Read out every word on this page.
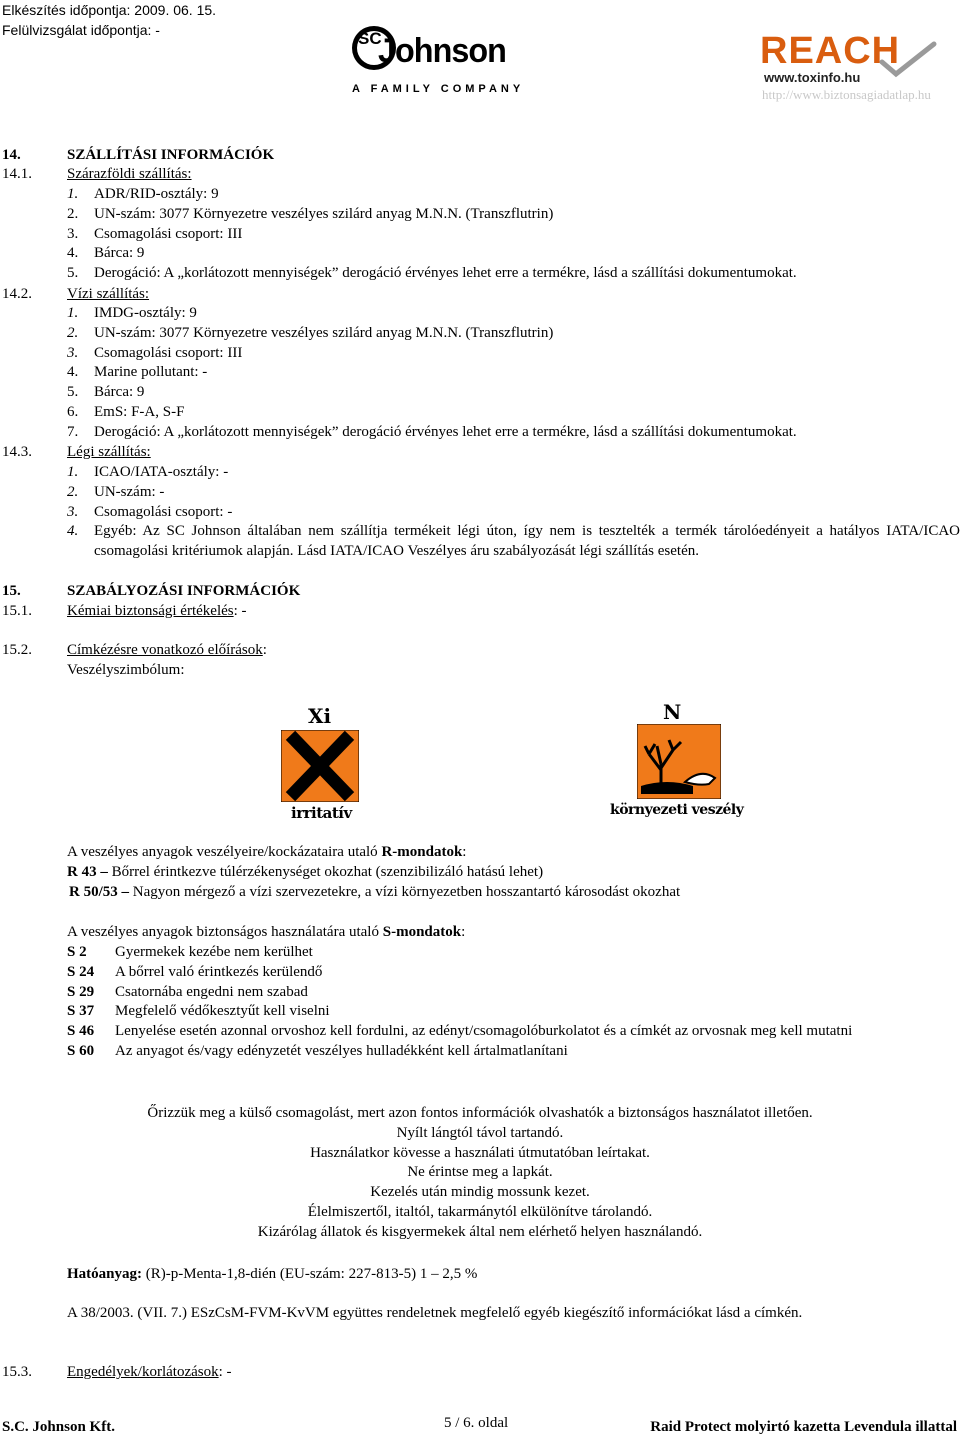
Elkészítés időpontja: 2009. 06. 15.
Felülvizsgálat időpontja: -	SC
Johnson
A FAMILY COMPANY
REACH
www.toxinfo.hu
http://www.biztonsagiadatlap.hu
14.	SZÁLLÍTÁSI INFORMÁCIÓK
14.1. Szárazföldi szállítás:
1.	ADR/RID-osztály: 9
2.	UN-szám: 3077 Környezetre veszélyes szilárd anyag M.N.N. (Transzflutrin)
3.	Csomagolási csoport: III
4.	Bárca: 9
5.	Derogáció: A „korlátozott mennyiségek” derogáció érvényes lehet erre a termékre, lásd a szállítási dokumentumokat.
14.2. Vízi szállítás:
1.	IMDG-osztály: 9
2.	UN-szám: 3077 Környezetre veszélyes szilárd anyag M.N.N. (Transzflutrin)
3.	Csomagolási csoport: III
4.	Marine pollutant: -
5.	Bárca: 9
6.	EmS: F-A, S-F
7.	Derogáció: A „korlátozott mennyiségek” derogáció érvényes lehet erre a termékre, lásd a szállítási dokumentumokat.
14.3. Légi szállítás:
1.	ICAO/IATA-osztály: -
2.	UN-szám: -
3.	Csomagolási csoport: -
4.	Egyéb: Az SC Johnson általában nem szállítja termékeit légi úton, így nem is tesztelték a termék tárolóedényeit a hatályos IATA/ICAO csomagolási kritériumok alapján. Lásd IATA/ICAO Veszélyes áru szabályozását légi szállítás esetén.
15.	SZABÁLYOZÁSI INFORMÁCIÓK
15.1. Kémiai biztonsági értékelés: -
15.2. Címkézésre vonatkozó előírások:
Veszélyszimbólum:
Xi
irritatív
N
környezeti veszély
A veszélyes anyagok veszélyeire/kockázataira utaló R-mondatok:
R 43 – Bőrrel érintkezve túlérzékenységet okozhat (szenzibilizáló hatású lehet)
R 50/53 – Nagyon mérgező a vízi szervezetekre, a vízi környezetben hosszantartó károsodást okozhat
A veszélyes anyagok biztonságos használatára utaló S-mondatok:
S 2	Gyermekek kezébe nem kerülhet
S 24	A bőrrel való érintkezés kerülendő
S 29	Csatornába engedni nem szabad
S 37	Megfelelő védőkesztyűt kell viselni
S 46	Lenyelése esetén azonnal orvoshoz kell fordulni, az edényt/csomagolóburkolatot és a címkét az orvosnak meg kell mutatni
S 60	Az anyagot és/vagy edényzetét veszélyes hulladékként kell ártalmatlanítani
Őrizzük meg a külső csomagolást, mert azon fontos információk olvashatók a biztonságos használatot illetően.
Nyílt lángtól távol tartandó.
Használatkor kövesse a használati útmutatóban leírtakat.
Ne érintse meg a lapkát.
Kezelés után mindig mossunk kezet.
Élelmiszertől, italtól, takarmánytól elkülönítve tárolandó.
Kizárólag állatok és kisgyermekek által nem elérhető helyen használandó.
Hatóanyag: (R)-p-Menta-1,8-dién (EU-szám: 227-813-5) 1 – 2,5 %
A 38/2003. (VII. 7.) ESzCsM-FVM-KvVM együttes rendeletnek megfelelő egyéb kiegészítő információkat lásd a címkén.
15.3. Engedélyek/korlátozások: -
S.C. Johnson Kft.	5 / 6. oldal	Raid Protect molyirtó kazetta Levendula illattal
